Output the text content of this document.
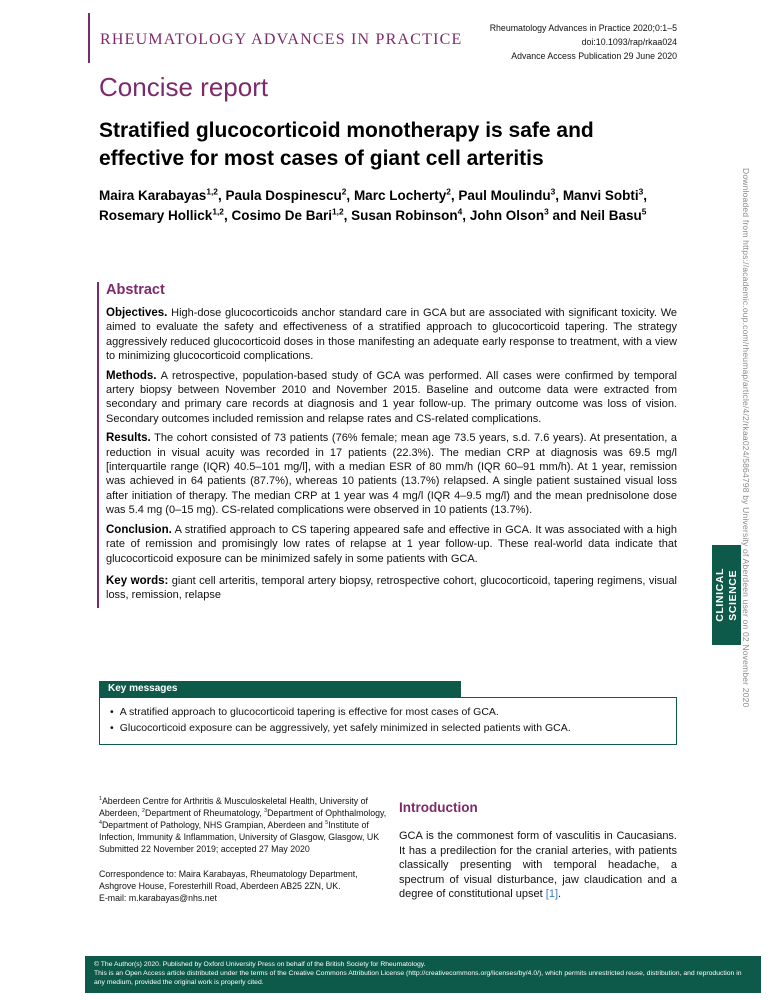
RHEUMATOLOGY ADVANCES IN PRACTICE
Rheumatology Advances in Practice 2020;0:1–5
doi:10.1093/rap/rkaa024
Advance Access Publication 29 June 2020
Concise report
Stratified glucocorticoid monotherapy is safe and effective for most cases of giant cell arteritis
Maira Karabayas$^{1,2}$, Paula Dospinescu$^2$, Marc Locherty$^2$, Paul Moulindu$^3$, Manvi Sobti$^3$, Rosemary Hollick$^{1,2}$, Cosimo De Bari$^{1,2}$, Susan Robinson$^4$, John Olson$^3$ and Neil Basu$^5$
Abstract

Objectives. High-dose glucocorticoids anchor standard care in GCA but are associated with significant toxicity. We aimed to evaluate the safety and effectiveness of a stratified approach to glucocorticoid tapering. The strategy aggressively reduced glucocorticoid doses in those manifesting an adequate early response to treatment, with a view to minimizing glucocorticoid complications.

Methods. A retrospective, population-based study of GCA was performed. All cases were confirmed by temporal artery biopsy between November 2010 and November 2015. Baseline and outcome data were extracted from secondary and primary care records at diagnosis and 1 year follow-up. The primary outcome was loss of vision. Secondary outcomes included remission and relapse rates and CS-related complications.

Results. The cohort consisted of 73 patients (76% female; mean age 73.5 years, s.d. 7.6 years). At presentation, a reduction in visual acuity was recorded in 17 patients (22.3%). The median CRP at diagnosis was 69.5 mg/l [interquartile range (IQR) 40.5–101 mg/l], with a median ESR of 80 mm/h (IQR 60–91 mm/h). At 1 year, remission was achieved in 64 patients (87.7%), whereas 10 patients (13.7%) relapsed. A single patient sustained visual loss after initiation of therapy. The median CRP at 1 year was 4 mg/l (IQR 4–9.5 mg/l) and the mean prednisolone dose was 5.4 mg (0–15 mg). CS-related complications were observed in 10 patients (13.7%).

Conclusion. A stratified approach to CS tapering appeared safe and effective in GCA. It was associated with a high rate of remission and promisingly low rates of relapse at 1 year follow-up. These real-world data indicate that glucocorticoid exposure can be minimized safely in some patients with GCA.

Key words: giant cell arteritis, temporal artery biopsy, retrospective cohort, glucocorticoid, tapering regimens, visual loss, remission, relapse

Key messages
• A stratified approach to glucocorticoid tapering is effective for most cases of GCA.
• Glucocorticoid exposure can be aggressively, yet safely minimized in selected patients with GCA.
$^1$Aberdeen Centre for Arthritis & Musculoskeletal Health, University of Aberdeen, $^2$Department of Rheumatology, $^3$Department of Ophthalmology, $^4$Department of Pathology, NHS Grampian, Aberdeen and $^5$Institute of Infection, Immunity & Inflammation, University of Glasgow, Glasgow, UK
Submitted 22 November 2019; accepted 27 May 2020
Correspondence to: Maira Karabayas, Rheumatology Department, Ashgrove House, Foresterhill Road, Aberdeen AB25 2ZN, UK.
E-mail: m.karabayas@nhs.net
Introduction

GCA is the commonest form of vasculitis in Caucasians. It has a predilection for the cranial arteries, with patients classically presenting with temporal headache, a spectrum of visual disturbance, jaw claudication and a degree of constitutional upset [1].

CLINICAL SCIENCE Downloaded from https://academic.oup.com/rheumap/article/4/2/rkaa024/5864798 by University of Aberdeen user on 02 November 2020
© The Author(s) 2020. Published by Oxford University Press on behalf of the British Society for Rheumatology.
This is an Open Access article distributed under the terms of the Creative Commons Attribution License (http://creativecommons.org/licenses/by/4.0/), which permits unrestricted reuse, distribution, and reproduction in any medium, provided the original work is properly cited.
